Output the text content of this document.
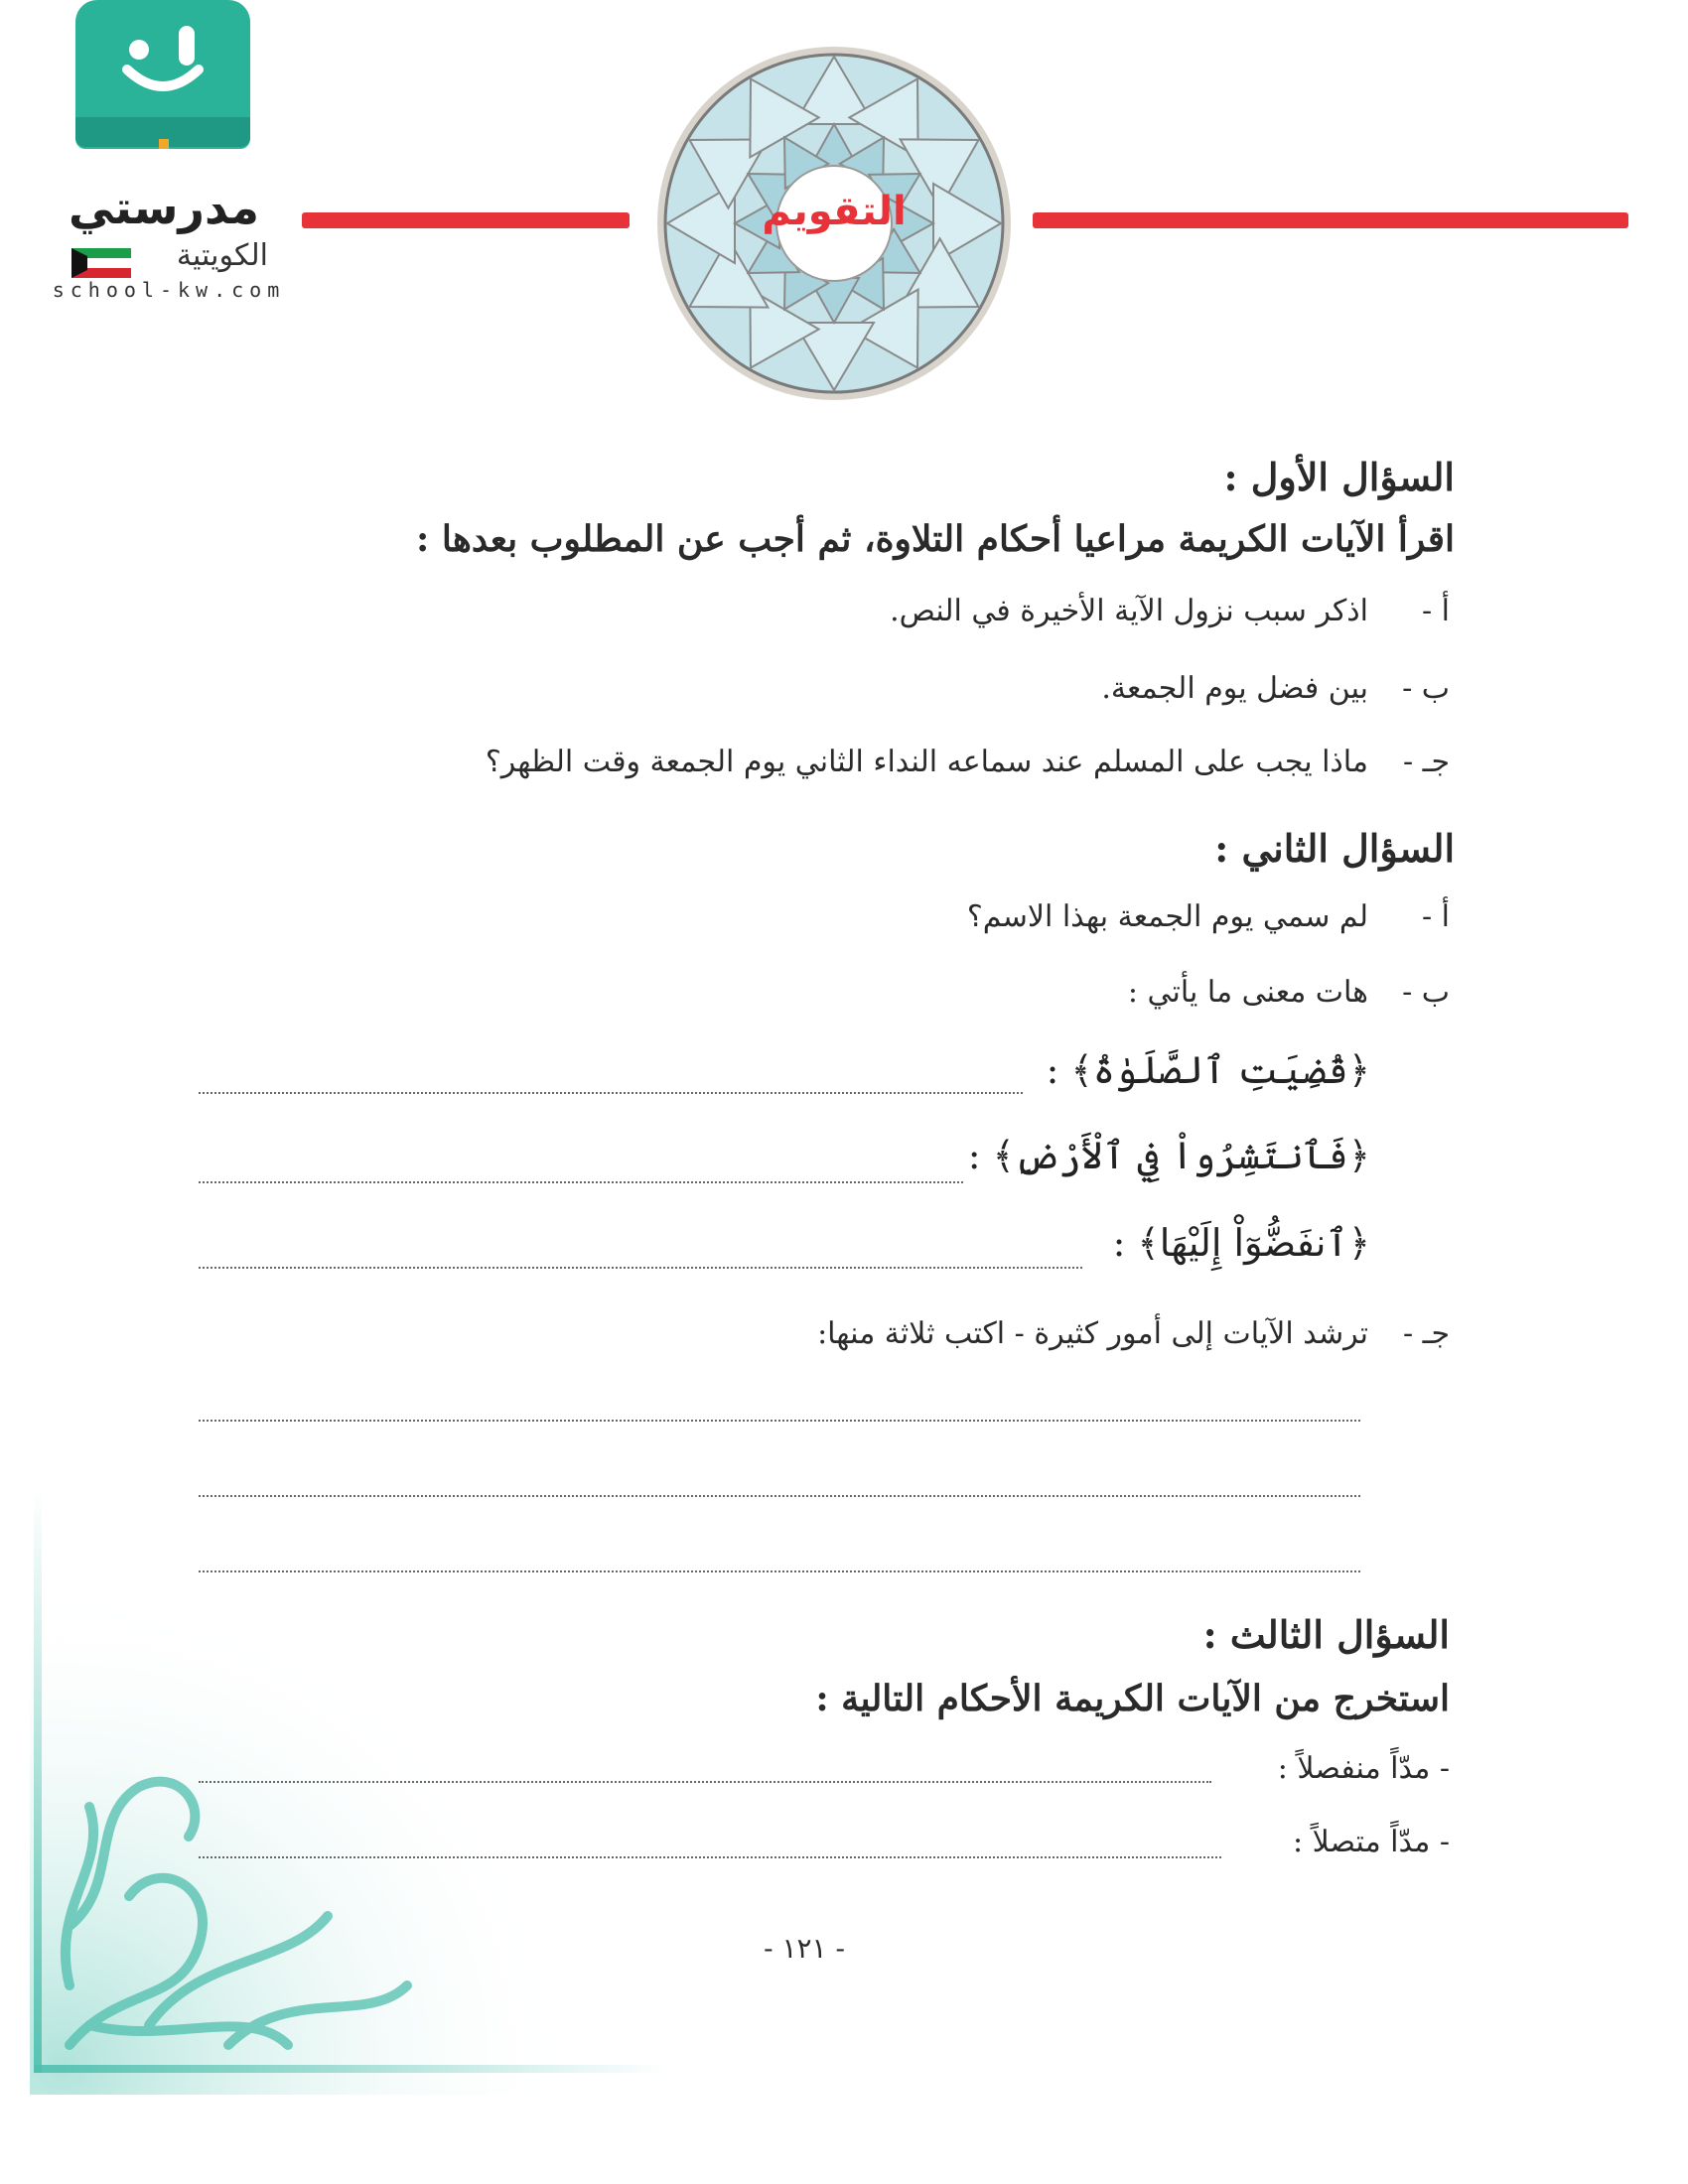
مدرستي
الكويتية
school-kw.com
التقويم
السؤال الأول :
اقرأ الآيات الكريمة مراعيا أحكام التلاوة، ثم أجب عن المطلوب بعدها :
أ -
اذكر سبب نزول الآية الأخيرة في النص.
ب -
بين فضل يوم الجمعة.
جـ -
ماذا يجب على المسلم عند سماعه النداء الثاني يوم الجمعة وقت الظهر؟
السؤال الثاني :
أ -
لم سمي يوم الجمعة بهذا الاسم؟
ب -
هات معنى ما يأتي :
﴿قُضِيَتِ ٱلصَّلَوٰةُ﴾ :
﴿فَٱنتَشِرُواْ فِي ٱلْأَرْضِ﴾ :
﴿ٱنفَضُّوٓاْ إِلَيْهَا﴾ :
جـ -
ترشد الآيات إلى أمور كثيرة - اكتب ثلاثة منها:
السؤال الثالث :
استخرج من الآيات الكريمة الأحكام التالية :
- مدّاً منفصلاً :
- مدّاً متصلاً :
- ١٢١ -
